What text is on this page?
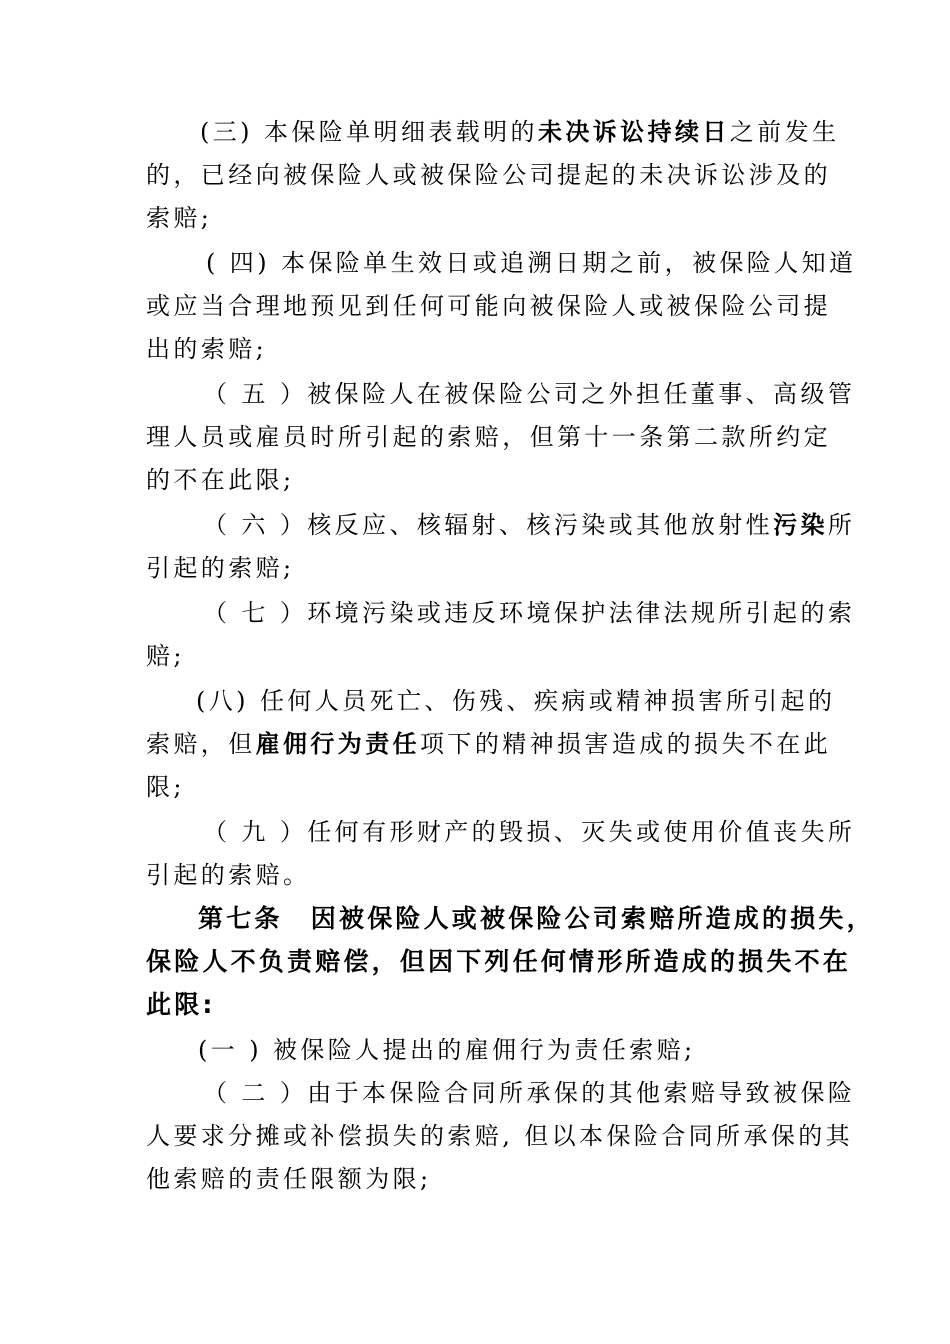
(三) 本保险单明细表载明的未决诉讼持续日之前发生
的，已经向被保险人或被保险公司提起的未决诉讼涉及的
索赔;
( 四) 本保险单生效日或追溯日期之前，被保险人知道
或应当合理地预见到任何可能向被保险人或被保险公司提
出的索赔;
（ 五 ）被保险人在被保险公司之外担任董事、高级管
理人员或雇员时所引起的索赔，但第十一条第二款所约定
的不在此限;
（ 六 ）核反应、核辐射、核污染或其他放射性污染所
引起的索赔;
（ 七 ）环境污染或违反环境保护法律法规所引起的索
赔;
(八) 任何人员死亡、伤残、疾病或精神损害所引起的
索赔，但雇佣行为责任项下的精神损害造成的损失不在此
限;
（ 九 ）任何有形财产的毁损、灭失或使用价值丧失所
引起的索赔。
第七条　因被保险人或被保险公司索赔所造成的损失，
保险人不负责赔偿，但因下列任何情形所造成的损失不在
此限:
(一 ) 被保险人提出的雇佣行为责任索赔;
（ 二 ）由于本保险合同所承保的其他索赔导致被保险
人要求分摊或补偿损失的索赔, 但以本保险合同所承保的其
他索赔的责任限额为限;
